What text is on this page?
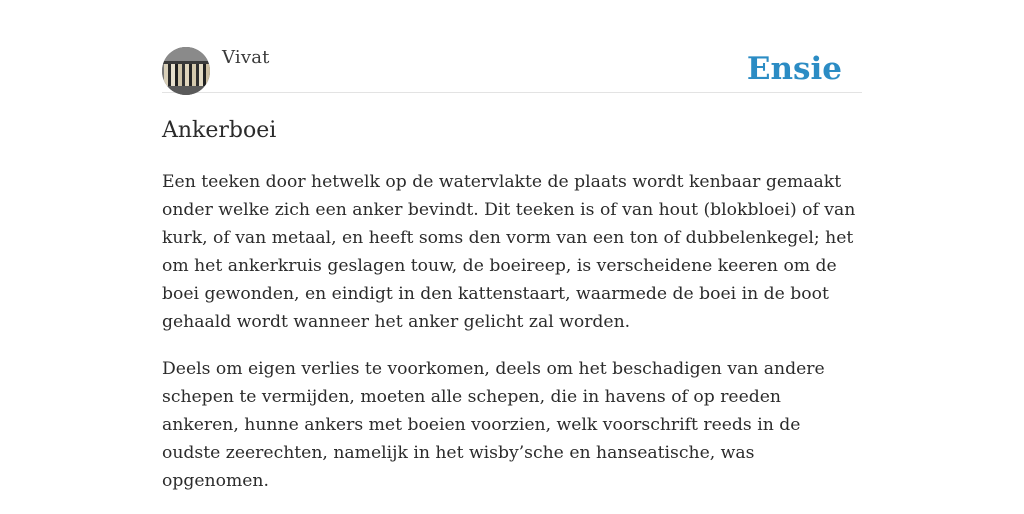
Vivat	Ensie
Ankerboei

Een teeken door hetwelk op de watervlakte de plaats wordt kenbaar gemaakt onder welke zich een anker bevindt. Dit teeken is of van hout (blokbloei) of van kurk, of van metaal, en heeft soms den vorm van een ton of dubbelenkegel; het om het ankerkruis geslagen touw, de boeireep, is verscheidene keeren om de boei gewonden, en eindigt in den kattenstaart, waarmede de boei in de boot gehaald wordt wanneer het anker gelicht zal worden.

Deels om eigen verlies te voorkomen, deels om het beschadigen van andere schepen te vermijden, moeten alle schepen, die in havens of op reeden ankeren, hunne ankers met boeien voorzien, welk voorschrift reeds in de oudste zeerechten, namelijk in het wisby’sche en hanseatische, was opgenomen.
